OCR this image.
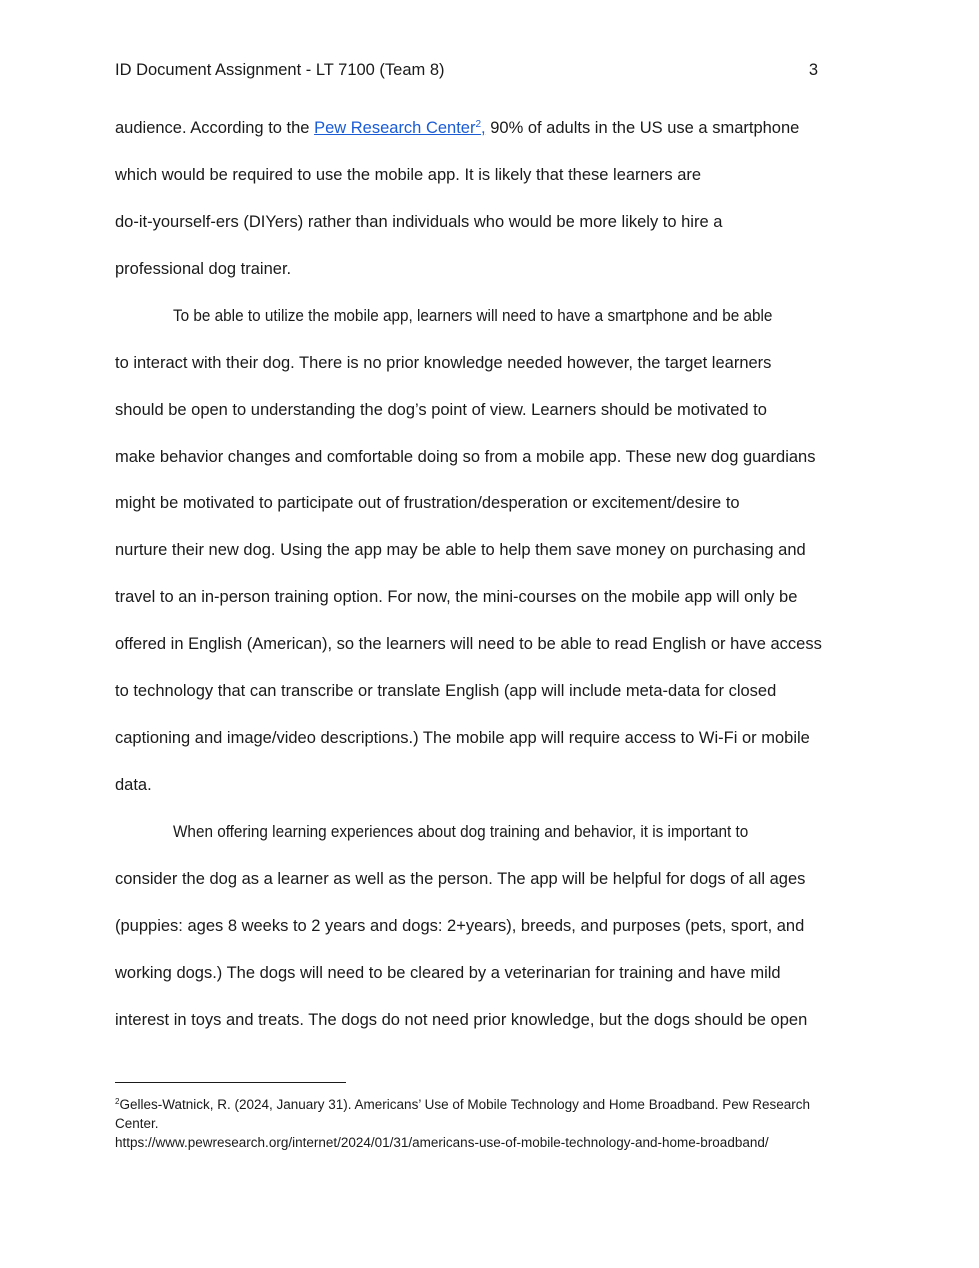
ID Document Assignment - LT 7100 (Team 8)	3
audience. According to the Pew Research Center$^2$, 90% of adults in the US use a smartphone
which would be required to use the mobile app. It is likely that these learners are
do-it-yourself-ers (DIYers) rather than individuals who would be more likely to hire a
professional dog trainer.
To be able to utilize the mobile app, learners will need to have a smartphone and be able
to interact with their dog. There is no prior knowledge needed however, the target learners
should be open to understanding the dog’s point of view. Learners should be motivated to
make behavior changes and comfortable doing so from a mobile app. These new dog guardians
might be motivated to participate out of frustration/desperation or excitement/desire to
nurture their new dog. Using the app may be able to help them save money on purchasing and
travel to an in-person training option. For now, the mini-courses on the mobile app will only be
offered in English (American), so the learners will need to be able to read English or have access
to technology that can transcribe or translate English (app will include meta-data for closed
captioning and image/video descriptions.) The mobile app will require access to Wi-Fi or mobile
data.
When offering learning experiences about dog training and behavior, it is important to
consider the dog as a learner as well as the person. The app will be helpful for dogs of all ages
(puppies: ages 8 weeks to 2 years and dogs: 2+years), breeds, and purposes (pets, sport, and
working dogs.) The dogs will need to be cleared by a veterinarian for training and have mild
interest in toys and treats. The dogs do not need prior knowledge, but the dogs should be open
$^2$Gelles-Watnick, R. (2024, January 31). Americans’ Use of Mobile Technology and Home Broadband. Pew Research
Center.
https://www.pewresearch.org/internet/2024/01/31/americans-use-of-mobile-technology-and-home-broadband/
